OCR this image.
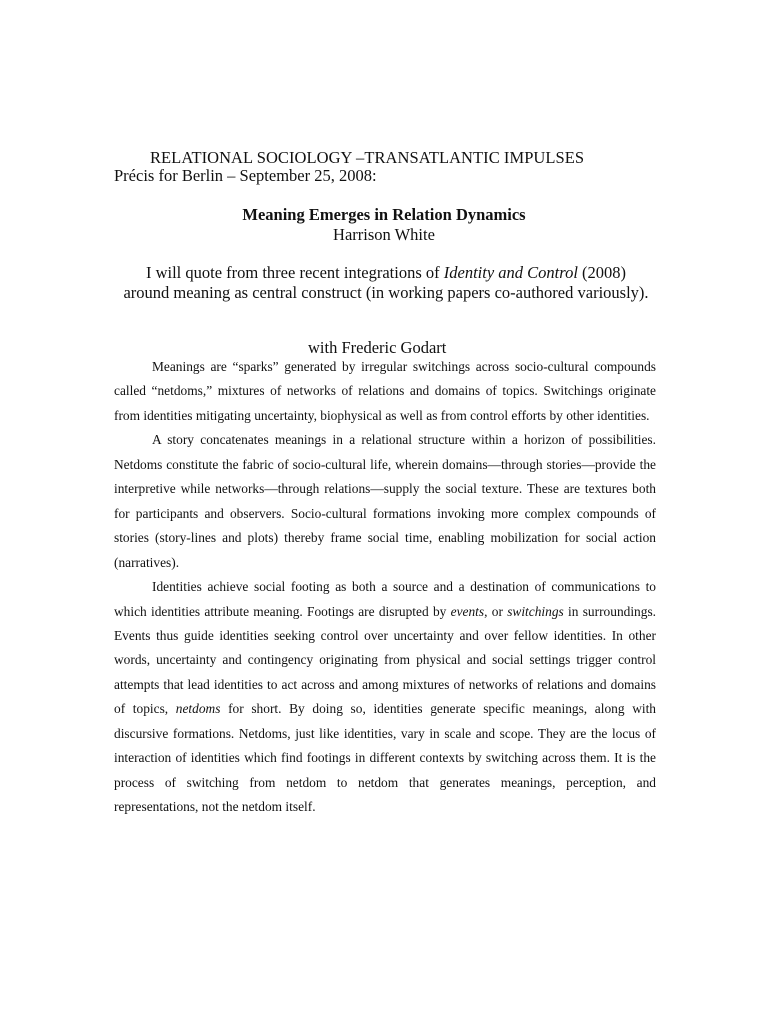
RELATIONAL SOCIOLOGY –TRANSATLANTIC IMPULSES
Précis for Berlin – September 25, 2008:
Meaning Emerges in Relation Dynamics
Harrison White
I will quote from three recent integrations of Identity and Control (2008) around meaning as central construct (in working papers co-authored variously).
with Frederic Godart

Meanings are “sparks” generated by irregular switchings across socio-cultural compounds called “netdoms,” mixtures of networks of relations and domains of topics. Switchings originate from identities mitigating uncertainty, biophysical as well as from control efforts by other identities.

A story concatenates meanings in a relational structure within a horizon of possibilities. Netdoms constitute the fabric of socio-cultural life, wherein domains—through stories—provide the interpretive while networks—through relations—supply the social texture. These are textures both for participants and observers. Socio-cultural formations invoking more complex compounds of stories (story-lines and plots) thereby frame social time, enabling mobilization for social action (narratives).

Identities achieve social footing as both a source and a destination of communications to which identities attribute meaning. Footings are disrupted by events, or switchings in surroundings. Events thus guide identities seeking control over uncertainty and over fellow identities. In other words, uncertainty and contingency originating from physical and social settings trigger control attempts that lead identities to act across and among mixtures of networks of relations and domains of topics, netdoms for short. By doing so, identities generate specific meanings, along with discursive formations. Netdoms, just like identities, vary in scale and scope. They are the locus of interaction of identities which find footings in different contexts by switching across them. It is the process of switching from netdom to netdom that generates meanings, perception, and representations, not the netdom itself.
